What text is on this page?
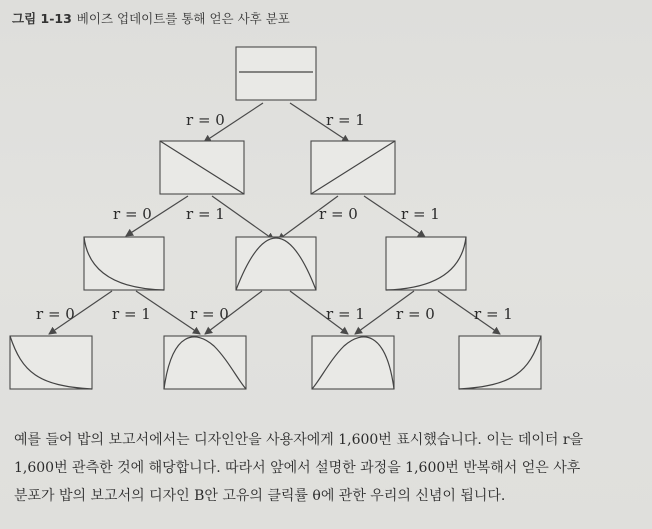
그림 1-13 베이즈 업데이트를 통해 얻은 사후 분포
r = 0	r = 1
r = 0 r = 1	r = 0	r = 1
r = 0 r = 1	r = 0	r = 1 r = 0	r = 1

예를 들어 밥의 보고서에서는 디자인안을 사용자에게 1,600번 표시했습니다. 이는 데이터 r을

1,600번 관측한 것에 해당합니다. 따라서 앞에서 설명한 과정을 1,600번 반복해서 얻은 사후

분포가 밥의 보고서의 디자인 B안 고유의 클릭률 θ에 관한 우리의 신념이 됩니다.
